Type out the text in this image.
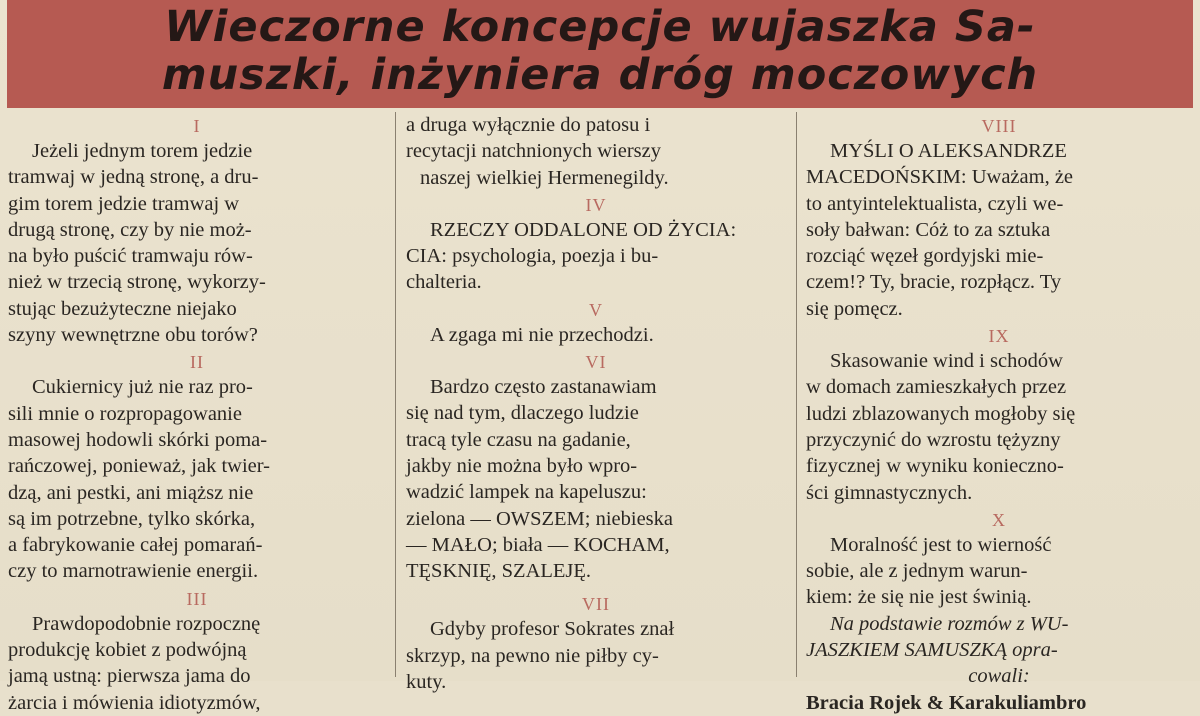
Wieczorne koncepcje wujaszka Sa-
muszki, inżyniera dróg moczowych
I

Jeżeli jednym torem jedzie

tramwaj w jedną stronę, a dru-

gim torem jedzie tramwaj w

drugą stronę, czy by nie moż-

na było puścić tramwaju rów-

nież w trzecią stronę, wykorzy-

stując bezużyteczne niejako

szyny wewnętrzne obu torów?

II

Cukiernicy już nie raz pro-

sili mnie o rozpropagowanie

masowej hodowli skórki poma-

rańczowej, ponieważ, jak twier-

dzą, ani pestki, ani miąższ nie

są im potrzebne, tylko skórka,

a fabrykowanie całej pomarań-

czy to marnotrawienie energii.

III

Prawdopodobnie rozpocznę

produkcję kobiet z podwójną

jamą ustną: pierwsza jama do

żarcia i mówienia idiotyzmów,

a druga wyłącznie do patosu i

recytacji natchnionych wierszy

naszej wielkiej Hermenegildy.

IV

RZECZY ODDALONE OD ŻYCIA:

CIA: psychologia, poezja i bu-

chalteria.

V

A zgaga mi nie przechodzi.

VI

Bardzo często zastanawiam

się nad tym, dlaczego ludzie

tracą tyle czasu na gadanie,

jakby nie można było wpro-

wadzić lampek na kapeluszu:

zielona — OWSZEM; niebieska

— MAŁO; biała — KOCHAM,

TĘSKNIĘ, SZALEJĘ.

VII

Gdyby profesor Sokrates znał

skrzyp, na pewno nie piłby cy-

kuty.

VIII

MYŚLI O ALEKSANDRZE

MACEDOŃSKIM: Uważam, że

to antyintelektualista, czyli we-

soły bałwan: Cóż to za sztuka

rozciąć węzeł gordyjski mie-

czem!? Ty, bracie, rozpłącz. Ty

się pomęcz.

IX

Skasowanie wind i schodów

w domach zamieszkałych przez

ludzi zblazowanych mogłoby się

przyczynić do wzrostu tężyzny

fizycznej w wyniku konieczno-

ści gimnastycznych.

X

Moralność jest to wierność

sobie, ale z jednym warun-

kiem: że się nie jest świnią.

Na podstawie rozmów z WU-

JASZKIEM SAMUSZKĄ opra-

cowali:

Bracia Rojek & Karakuliambro
